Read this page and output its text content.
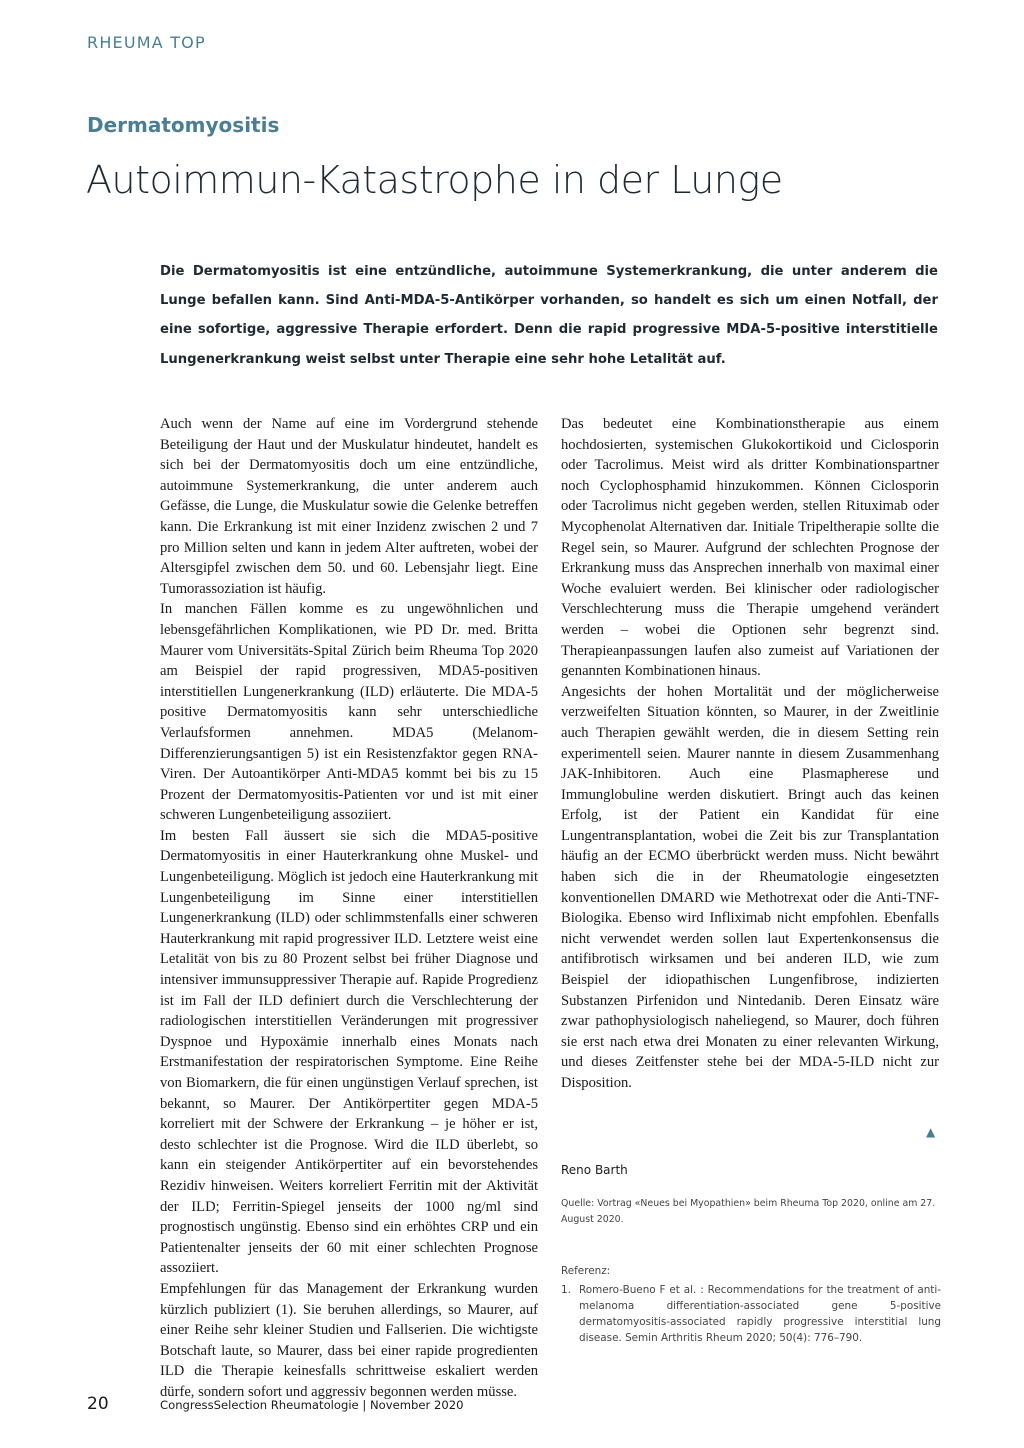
RHEUMA TOP
Dermatomyositis
Autoimmun-Katastrophe in der Lunge

Die Dermatomyositis ist eine entzündliche, autoimmune Systemerkrankung, die unter anderem die Lunge befallen kann. Sind Anti-MDA-5-Antikörper vorhanden, so handelt es sich um einen Notfall, der eine sofortige, aggressive Therapie erfordert. Denn die rapid progressive MDA-5-positive interstitielle Lungenerkrankung weist selbst unter Therapie eine sehr hohe Letalität auf.

Auch wenn der Name auf eine im Vordergrund stehende Beteiligung der Haut und der Muskulatur hindeutet, handelt es sich bei der Dermatomyositis doch um eine entzündliche, autoimmune Systemerkrankung, die unter anderem auch Gefässe, die Lunge, die Muskulatur sowie die Gelenke betreffen kann. Die Erkrankung ist mit einer Inzidenz zwischen 2 und 7 pro Million selten und kann in jedem Alter auftreten, wobei der Altersgipfel zwischen dem 50. und 60. Lebensjahr liegt. Eine Tumorassoziation ist häufig.

In manchen Fällen komme es zu ungewöhnlichen und lebensgefährlichen Komplikationen, wie PD Dr. med. Britta Maurer vom Universitäts-Spital Zürich beim Rheuma Top 2020 am Beispiel der rapid progressiven, MDA5-positiven interstitiellen Lungenerkrankung (ILD) erläuterte. Die MDA-5 positive Dermatomyositis kann sehr unterschiedliche Verlaufsformen annehmen. MDA5 (Melanom-Differenzierungsantigen 5) ist ein Resistenzfaktor gegen RNA-Viren. Der Autoantikörper Anti-MDA5 kommt bei bis zu 15 Prozent der Dermatomyositis-Patienten vor und ist mit einer schweren Lungenbeteiligung assoziiert.

Im besten Fall äussert sie sich die MDA5-positive Dermatomyositis in einer Hauterkrankung ohne Muskel- und Lungenbeteiligung. Möglich ist jedoch eine Hauterkrankung mit Lungenbeteiligung im Sinne einer interstitiellen Lungenerkrankung (ILD) oder schlimmstenfalls einer schweren Hauterkrankung mit rapid progressiver ILD. Letztere weist eine Letalität von bis zu 80 Prozent selbst bei früher Diagnose und intensiver immunsuppressiver Therapie auf. Rapide Progredienz ist im Fall der ILD definiert durch die Verschlechterung der radiologischen interstitiellen Veränderungen mit progressiver Dyspnoe und Hypoxämie innerhalb eines Monats nach Erstmanifestation der respiratorischen Symptome. Eine Reihe von Biomarkern, die für einen ungünstigen Verlauf sprechen, ist bekannt, so Maurer. Der Antikörpertiter gegen MDA-5 korreliert mit der Schwere der Erkrankung – je höher er ist, desto schlechter ist die Prognose. Wird die ILD überlebt, so kann ein steigender Antikörpertiter auf ein bevorstehendes Rezidiv hinweisen. Weiters korreliert Ferritin mit der Aktivität der ILD; Ferritin-Spiegel jenseits der 1000 ng/ml sind prognostisch ungünstig. Ebenso sind ein erhöhtes CRP und ein Patientenalter jenseits der 60 mit einer schlechten Prognose assoziiert.

Empfehlungen für das Management der Erkrankung wurden kürzlich publiziert (1). Sie beruhen allerdings, so Maurer, auf einer Reihe sehr kleiner Studien und Fallserien. Die wichtigste Botschaft laute, so Maurer, dass bei einer rapide progredienten ILD die Therapie keinesfalls schrittweise eskaliert werden dürfe, sondern sofort und aggressiv begonnen werden müsse.

Das bedeutet eine Kombinationstherapie aus einem hochdosierten, systemischen Glukokortikoid und Ciclosporin oder Tacrolimus. Meist wird als dritter Kombinationspartner noch Cyclophosphamid hinzukommen. Können Ciclosporin oder Tacrolimus nicht gegeben werden, stellen Rituximab oder Mycophenolat Alternativen dar. Initiale Tripeltherapie sollte die Regel sein, so Maurer. Aufgrund der schlechten Prognose der Erkrankung muss das Ansprechen innerhalb von maximal einer Woche evaluiert werden. Bei klinischer oder radiologischer Verschlechterung muss die Therapie umgehend verändert werden – wobei die Optionen sehr begrenzt sind. Therapieanpassungen laufen also zumeist auf Variationen der genannten Kombinationen hinaus.

Angesichts der hohen Mortalität und der möglicherweise verzweifelten Situation könnten, so Maurer, in der Zweitlinie auch Therapien gewählt werden, die in diesem Setting rein experimentell seien. Maurer nannte in diesem Zusammenhang JAK-Inhibitoren. Auch eine Plasmapherese und Immunglobuline werden diskutiert. Bringt auch das keinen Erfolg, ist der Patient ein Kandidat für eine Lungentransplantation, wobei die Zeit bis zur Transplantation häufig an der ECMO überbrückt werden muss. Nicht bewährt haben sich die in der Rheumatologie eingesetzten konventionellen DMARD wie Methotrexat oder die Anti-TNF-Biologika. Ebenso wird Infliximab nicht empfohlen. Ebenfalls nicht verwendet werden sollen laut Expertenkonsensus die antifibrotisch wirksamen und bei anderen ILD, wie zum Beispiel der idiopathischen Lungenfibrose, indizierten Substanzen Pirfenidon und Nintedanib. Deren Einsatz wäre zwar pathophysiologisch naheliegend, so Maurer, doch führen sie erst nach etwa drei Monaten zu einer relevanten Wirkung, und dieses Zeitfenster stehe bei der MDA-5-ILD nicht zur Disposition.

▲
Reno Barth
Quelle: Vortrag «Neues bei Myopathien» beim Rheuma Top 2020, online am 27. August 2020.
Referenz:
1. Romero-Bueno F et al. : Recommendations for the treatment of anti-melanoma differentiation-associated gene 5-positive dermatomyositis-associated rapidly progressive interstitial lung disease. Semin Arthritis Rheum 2020; 50(4): 776–790.
20	CongressSelection Rheumatologie | November 2020
